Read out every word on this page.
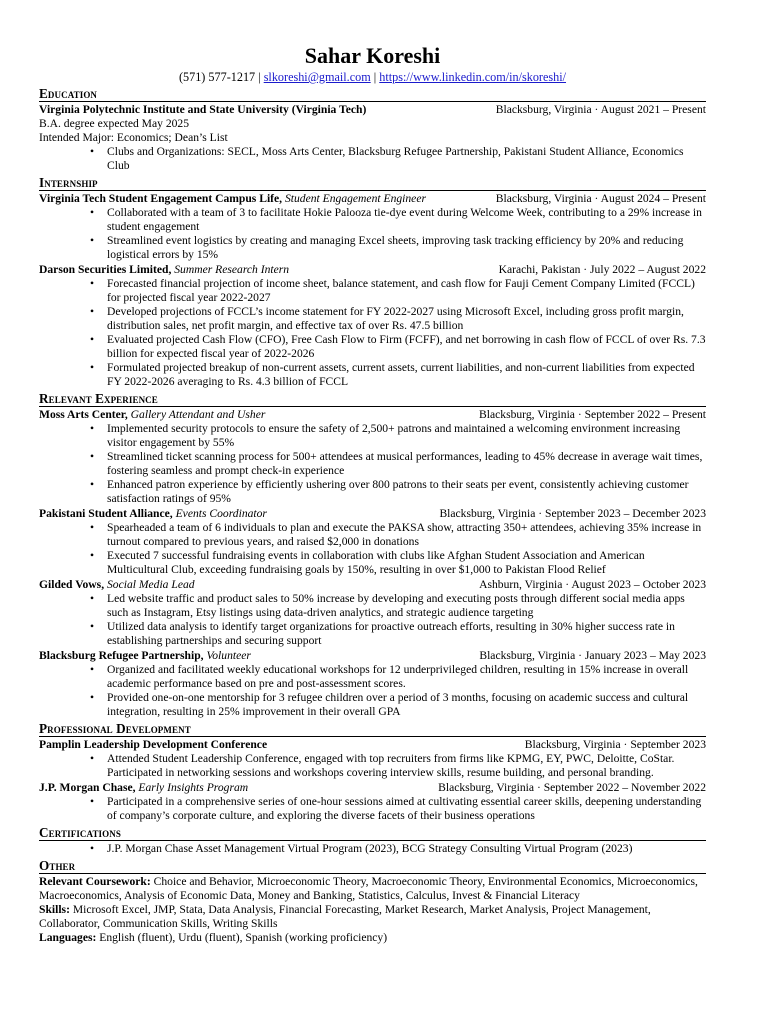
Sahar Koreshi
(571) 577-1217 | slkoreshi@gmail.com | https://www.linkedin.com/in/skoreshi/
Education
Virginia Polytechnic Institute and State University (Virginia Tech)	Blacksburg, Virginia · August 2021 – Present
B.A. degree expected May 2025
Intended Major: Economics; Dean’s List
• Clubs and Organizations: SECL, Moss Arts Center, Blacksburg Refugee Partnership, Pakistani Student Alliance, Economics Club
Internship
Virginia Tech Student Engagement Campus Life, Student Engagement Engineer	Blacksburg, Virginia · August 2024 – Present
• Collaborated with a team of 3 to facilitate Hokie Palooza tie-dye event during Welcome Week, contributing to a 29% increase in student engagement
• Streamlined event logistics by creating and managing Excel sheets, improving task tracking efficiency by 20% and reducing logistical errors by 15%
Darson Securities Limited, Summer Research Intern	Karachi, Pakistan · July 2022 – August 2022
• Forecasted financial projection of income sheet, balance statement, and cash flow for Fauji Cement Company Limited (FCCL) for projected fiscal year 2022-2027
• Developed projections of FCCL’s income statement for FY 2022-2027 using Microsoft Excel, including gross profit margin, distribution sales, net profit margin, and effective tax of over Rs. 47.5 billion
• Evaluated projected Cash Flow (CFO), Free Cash Flow to Firm (FCFF), and net borrowing in cash flow of FCCL of over Rs. 7.3 billion for expected fiscal year of 2022-2026
• Formulated projected breakup of non-current assets, current assets, current liabilities, and non-current liabilities from expected FY 2022-2026 averaging to Rs. 4.3 billion of FCCL
Relevant Experience
Moss Arts Center, Gallery Attendant and Usher	Blacksburg, Virginia · September 2022 – Present
• Implemented security protocols to ensure the safety of 2,500+ patrons and maintained a welcoming environment increasing visitor engagement by 55%
• Streamlined ticket scanning process for 500+ attendees at musical performances, leading to 45% decrease in average wait times, fostering seamless and prompt check-in experience
• Enhanced patron experience by efficiently ushering over 800 patrons to their seats per event, consistently achieving customer satisfaction ratings of 95%
Pakistani Student Alliance, Events Coordinator	Blacksburg, Virginia · September 2023 – December 2023
• Spearheaded a team of 6 individuals to plan and execute the PAKSA show, attracting 350+ attendees, achieving 35% increase in turnout compared to previous years, and raised $2,000 in donations
• Executed 7 successful fundraising events in collaboration with clubs like Afghan Student Association and American Multicultural Club, exceeding fundraising goals by 150%, resulting in over $1,000 to Pakistan Flood Relief
Gilded Vows, Social Media Lead	Ashburn, Virginia · August 2023 – October 2023
• Led website traffic and product sales to 50% increase by developing and executing posts through different social media apps such as Instagram, Etsy listings using data-driven analytics, and strategic audience targeting
• Utilized data analysis to identify target organizations for proactive outreach efforts, resulting in 30% higher success rate in establishing partnerships and securing support
Blacksburg Refugee Partnership, Volunteer	Blacksburg, Virginia · January 2023 – May 2023
• Organized and facilitated weekly educational workshops for 12 underprivileged children, resulting in 15% increase in overall academic performance based on pre and post-assessment scores.
• Provided one-on-one mentorship for 3 refugee children over a period of 3 months, focusing on academic success and cultural integration, resulting in 25% improvement in their overall GPA
Professional Development
Pamplin Leadership Development Conference	Blacksburg, Virginia · September 2023
• Attended Student Leadership Conference, engaged with top recruiters from firms like KPMG, EY, PWC, Deloitte, CoStar. Participated in networking sessions and workshops covering interview skills, resume building, and personal branding.
J.P. Morgan Chase, Early Insights Program	Blacksburg, Virginia · September 2022 – November 2022
• Participated in a comprehensive series of one-hour sessions aimed at cultivating essential career skills, deepening understanding of company’s corporate culture, and exploring the diverse facets of their business operations
Certifications
• J.P. Morgan Chase Asset Management Virtual Program (2023), BCG Strategy Consulting Virtual Program (2023)
Other
Relevant Coursework: Choice and Behavior, Microeconomic Theory, Macroeconomic Theory, Environmental Economics, Microeconomics, Macroeconomics, Analysis of Economic Data, Money and Banking, Statistics, Calculus, Invest & Financial Literacy
Skills: Microsoft Excel, JMP, Stata, Data Analysis, Financial Forecasting, Market Research, Market Analysis, Project Management, Collaborator, Communication Skills, Writing Skills
Languages: English (fluent), Urdu (fluent), Spanish (working proficiency)
